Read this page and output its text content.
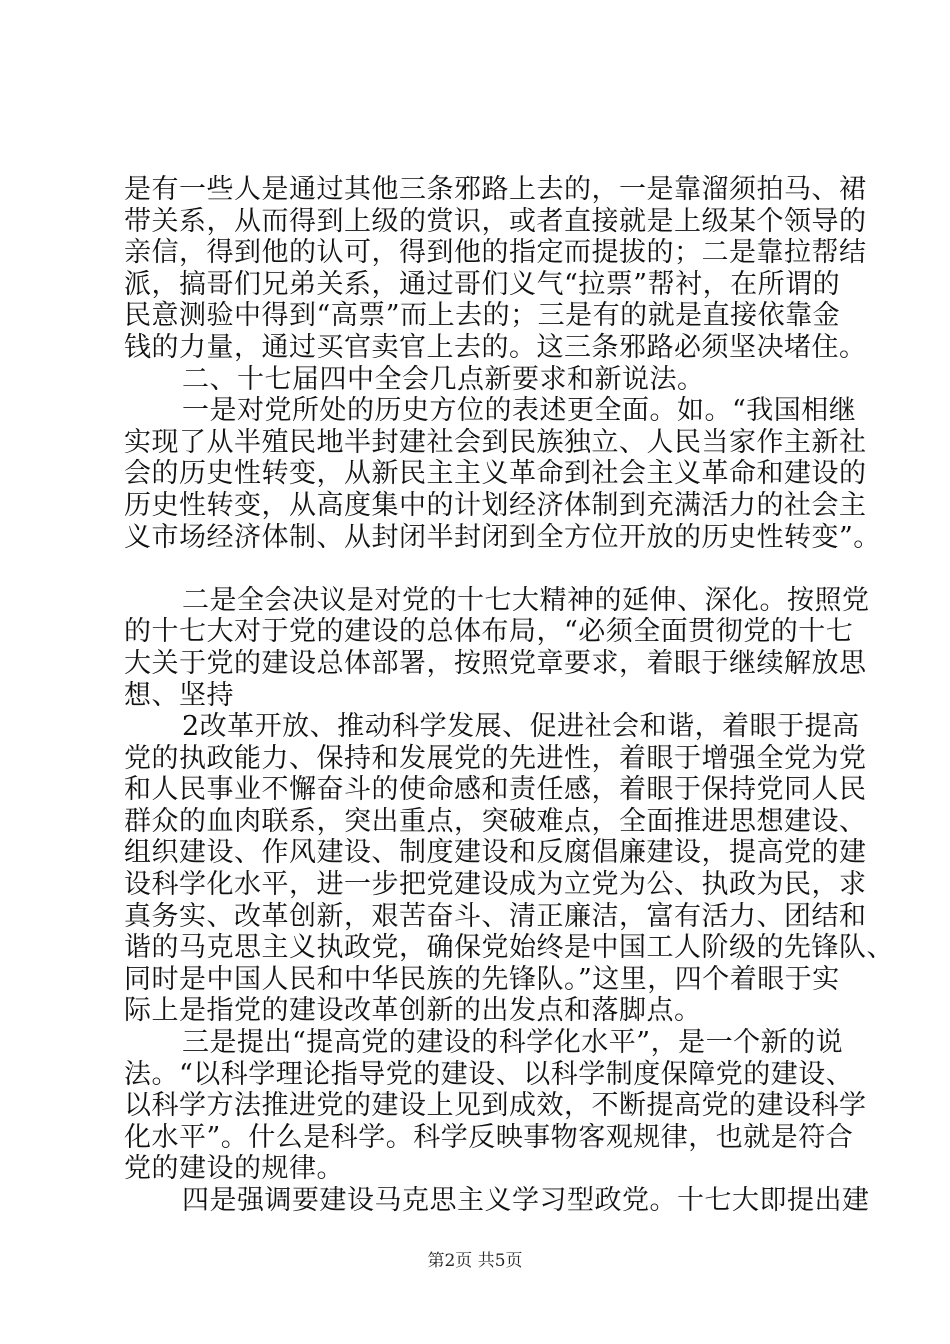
是有一些人是通过其他三条邪路上去的，一是靠溜须拍马、裙

带关系，从而得到上级的赏识，或者直接就是上级某个领导的

亲信，得到他的认可，得到他的指定而提拔的；二是靠拉帮结

派，搞哥们兄弟关系，通过哥们义气“拉票”帮衬，在所谓的

民意测验中得到“高票”而上去的；三是有的就是直接依靠金

钱的力量，通过买官卖官上去的。这三条邪路必须坚决堵住。

二、十七届四中全会几点新要求和新说法。

一是对党所处的历史方位的表述更全面。如。“我国相继

实现了从半殖民地半封建社会到民族独立、人民当家作主新社

会的历史性转变，从新民主主义革命到社会主义革命和建设的

历史性转变，从高度集中的计划经济体制到充满活力的社会主

义市场经济体制、从封闭半封闭到全方位开放的历史性转变”。

二是全会决议是对党的十七大精神的延伸、深化。按照党

的十七大对于党的建设的总体布局，“必须全面贯彻党的十七

大关于党的建设总体部署，按照党章要求，着眼于继续解放思

想、坚持

2改革开放、推动科学发展、促进社会和谐，着眼于提高

党的执政能力、保持和发展党的先进性，着眼于增强全党为党

和人民事业不懈奋斗的使命感和责任感，着眼于保持党同人民

群众的血肉联系，突出重点，突破难点，全面推进思想建设、

组织建设、作风建设、制度建设和反腐倡廉建设，提高党的建

设科学化水平，进一步把党建设成为立党为公、执政为民，求

真务实、改革创新，艰苦奋斗、清正廉洁，富有活力、团结和

谐的马克思主义执政党，确保党始终是中国工人阶级的先锋队、

同时是中国人民和中华民族的先锋队。”这里，四个着眼于实

际上是指党的建设改革创新的出发点和落脚点。

三是提出“提高党的建设的科学化水平”，是一个新的说

法。“以科学理论指导党的建设、以科学制度保障党的建设、

以科学方法推进党的建设上见到成效，不断提高党的建设科学

化水平”。什么是科学。科学反映事物客观规律，也就是符合

党的建设的规律。

四是强调要建设马克思主义学习型政党。十七大即提出建

第2页 共5页
